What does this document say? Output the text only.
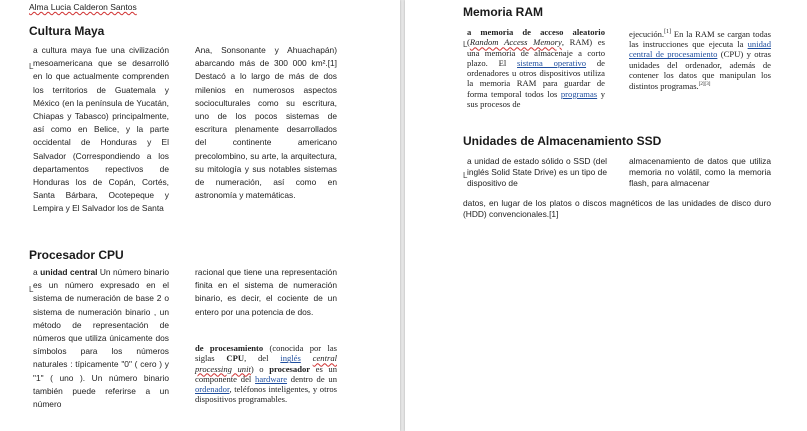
Alma Lucia Calderon Santos
Cultura Maya
L

a cultura maya fue una civilización mesoamericana que se desarrolló en lo que actualmente comprenden los territorios de Guatemala y México (en la península de Yucatán, Chiapas y Tabasco) principalmente, así como en Belice, y la parte occidental de Honduras y El Salvador (Correspondiendo a los departamentos repectivos de Honduras los de Copán, Cortés, Santa Bárbara, Ocotepeque y Lempira y El Salvador los de Santa

Ana, Sonsonante y Ahuachapán) abarcando más de 300 000 km².[1] Destacó a lo largo de más de dos milenios en numerosos aspectos socioculturales como su escritura, uno de los pocos sistemas de escritura plenamente desarrollados del continente americano precolombino, su arte, la arquitectura, su mitología y sus notables sistemas de numeración, así como en astronomía y matemáticas.

Procesador CPU
L

a unidad central Un número binario es un número expresado en el sistema de numeración de base 2 o sistema de numeración binario , un método de representación de números que utiliza únicamente dos símbolos para los números naturales : típicamente "0" ( cero ) y "1" ( uno ). Un número binario también puede referirse a un número

racional que tiene una representación finita en el sistema de numeración binario, es decir, el cociente de un entero por una potencia de dos.

de procesamiento (conocida por las siglas CPU, del inglés central processing unit) o procesador es un componente del hardware dentro de un ordenador, teléfonos inteligentes, y otros dispositivos programables.

Memoria RAM
L

a memoria de acceso aleatorio (Random Access Memory, RAM) es una memoria de almacenaje a corto plazo. El sistema operativo de ordenadores u otros dispositivos utiliza la memoria RAM para guardar de forma temporal todos los programas y sus procesos de

ejecución.[1] En la RAM se cargan todas las instrucciones que ejecuta la unidad central de procesamiento (CPU) y otras unidades del ordenador, además de contener los datos que manipulan los distintos programas.[2][3]

Unidades de Almacenamiento SSD
L

a unidad de estado sólido o SSD (del inglés Solid State Drive) es un tipo de dispositivo de

almacenamiento de datos que utiliza memoria no volátil, como la memoria flash, para almacenar

datos, en lugar de los platos o discos magnéticos de las unidades de disco duro (HDD) convencionales.[1]
